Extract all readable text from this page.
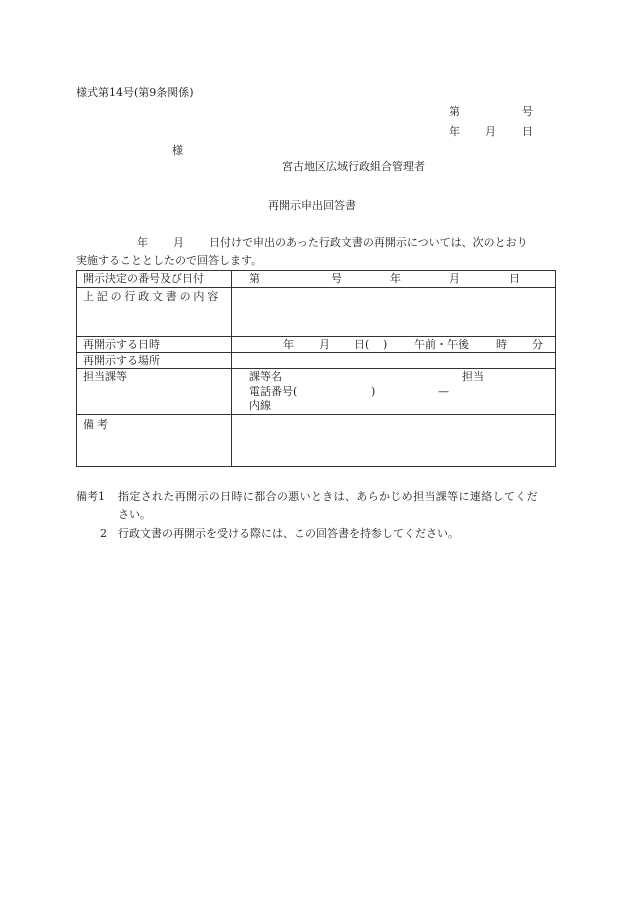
様式第14号(第9条関係)
第	号
年 月 日
様
宮古地区広域行政組合管理者
再開示申出回答書
年 月 日付けで申出のあった行政文書の再開示については、次のとおり
実施することとしたので回答します。
開示決定の番号及び日付	第	号	年	月	日
上記の行政文書の内容
再開示する日時	年 月 日( ) 午前・午後 時 分
再開示する場所
担当課等	課等名	担当
電話番号(	)	—
内線
備考
備考1 指定された再開示の日時に都合の悪いときは、あらかじめ担当課等に連絡してくだ
さい。
2 行政文書の再開示を受ける際には、この回答書を持参してください。
